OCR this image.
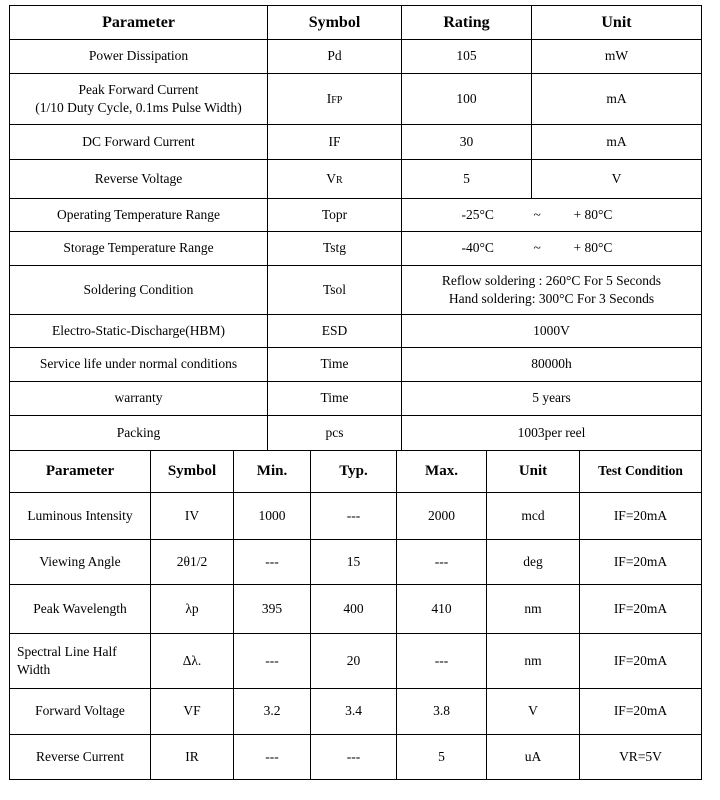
Parameter	Symbol	Rating	Unit
Power Dissipation	Pd	105	mW

Peak Forward Current
(1/10 Duty Cycle, 0.1ms Pulse Width)	IFP	100	mA
DC Forward Current	IF	30	mA
Reverse Voltage	VR	5	V
Operating Temperature Range	Topr	-25°C ~ + 80°C	
Storage Temperature Range	Tstg	-40°C ~ + 80°C	
Soldering Condition	Tsol	Reflow soldering : 260°C For 5 Seconds
Hand soldering: 300°C For 3 Seconds	

Electro-Static-Discharge(HBM)	ESD	1000V	
Service life under normal conditions	Time	80000h	
warranty	Time	5 years	
Packing	pcs	1003per reel	
Parameter	Symbol	Min.	Typ.	Max.	Unit	Test Condition
Luminous Intensity	IV	1000	---	2000	mcd	IF=20mA
Viewing Angle	2θ1/2	---	15	---	deg	IF=20mA
Peak Wavelength	λp	395	400	410	nm	IF=20mA

Spectral Line Half
Width	Δλ.	---	20	---	nm	IF=20mA
Forward Voltage	VF	3.2	3.4	3.8	V	IF=20mA
Reverse Current	IR	---	---	5	uA	VR=5V
